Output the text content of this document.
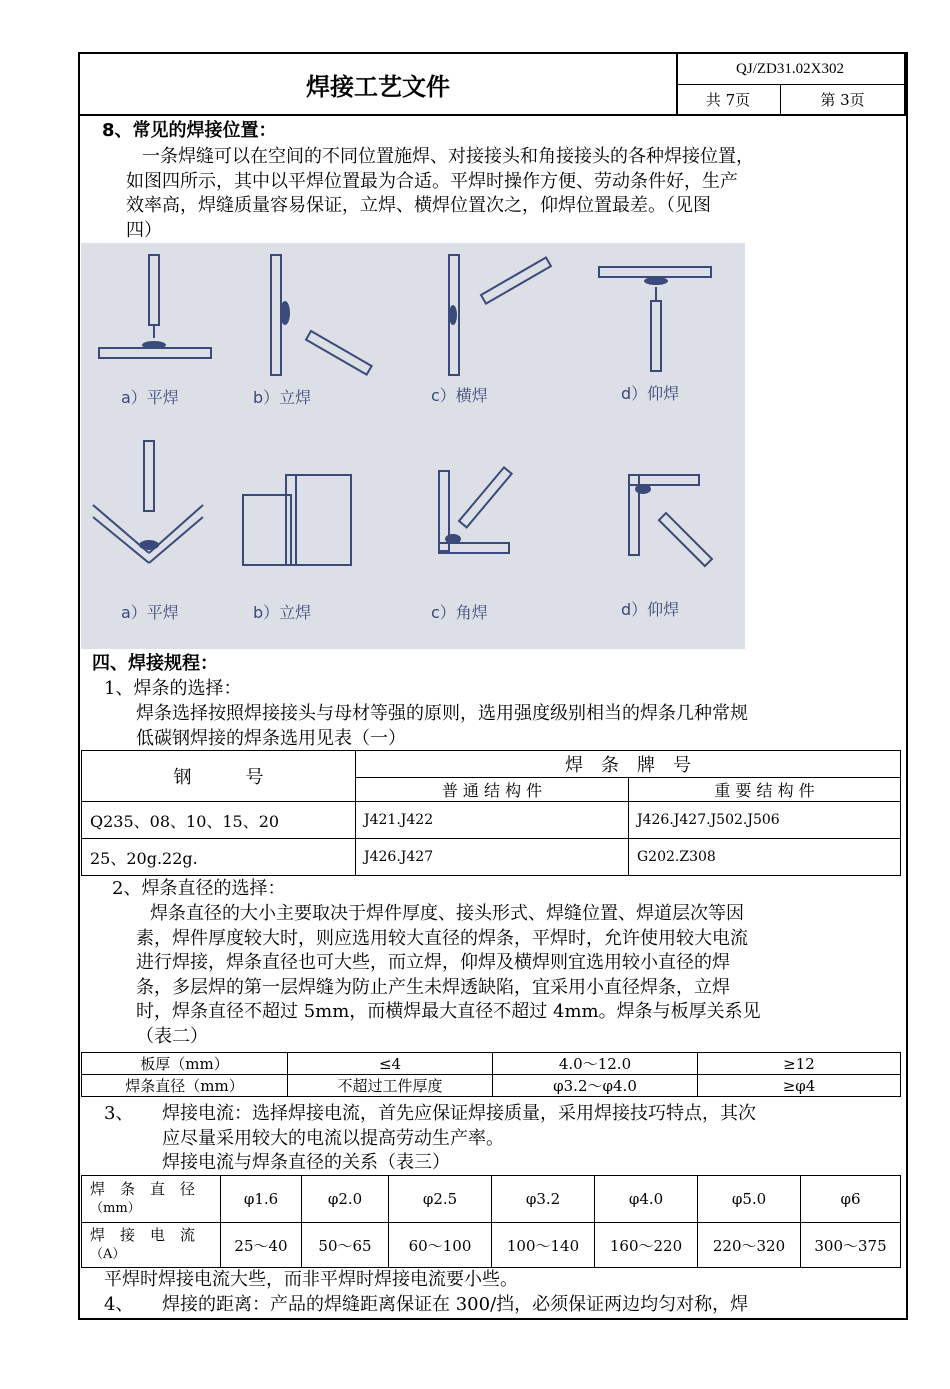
焊接工艺文件
QJ/ZD31.02X302
共 7页	第 3页
8、常见的焊接位置：
一条焊缝可以在空间的不同位置施焊、对接接头和角接接头的各种焊接位置，
如图四所示，其中以平焊位置最为合适。平焊时操作方便、劳动条件好，生产
效率高，焊缝质量容易保证，立焊、横焊位置次之，仰焊位置最差。（见图
四）
a）平焊	b）立焊	c）横焊	d）仰焊
a）平焊	b）立焊	c）角焊	d）仰焊
四、焊接规程：
1、焊条的选择：
焊条选择按照焊接接头与母材等强的原则，选用强度级别相当的焊条几种常规
低碳钢焊接的焊条选用见表（一）
钢　　　号	焊　条　牌　号	
	普 通 结 构 件	重 要 结 构 件
Q235、08、10、15、20	J421.J422	J426.J427.J502.J506
25、20g.22g.	J426.J427	G202.Z308
2、焊条直径的选择：
焊条直径的大小主要取决于焊件厚度、接头形式、焊缝位置、焊道层次等因
素，焊件厚度较大时，则应选用较大直径的焊条，平焊时，允许使用较大电流
进行焊接，焊条直径也可大些，而立焊，仰焊及横焊则宜选用较小直径的焊
条，多层焊的第一层焊缝为防止产生未焊透缺陷，宜采用小直径焊条，立焊
时，焊条直径不超过 5mm，而横焊最大直径不超过 4mm。焊条与板厚关系见
（表二）
板厚（mm）	≤4	4.0～12.0	≥12
焊条直径（mm）	不超过工件厚度	φ3.2～φ4.0	≥φ4
3、 焊接电流：选择焊接电流，首先应保证焊接质量，采用焊接技巧特点，其次
应尽量采用较大的电流以提高劳动生产率。
焊接电流与焊条直径的关系（表三）
焊　条　直　径
（mm）	φ1.6	φ2.0	φ2.5	φ3.2	φ4.0	φ5.0	φ6

焊　接　电　流
（A）	25～40	50～65	60～100	100～140	160～220	220～320	300～375
平焊时焊接电流大些，而非平焊时焊接电流要小些。
4、 焊接的距离：产品的焊缝距离保证在 300/挡，必须保证两边均匀对称，焊
